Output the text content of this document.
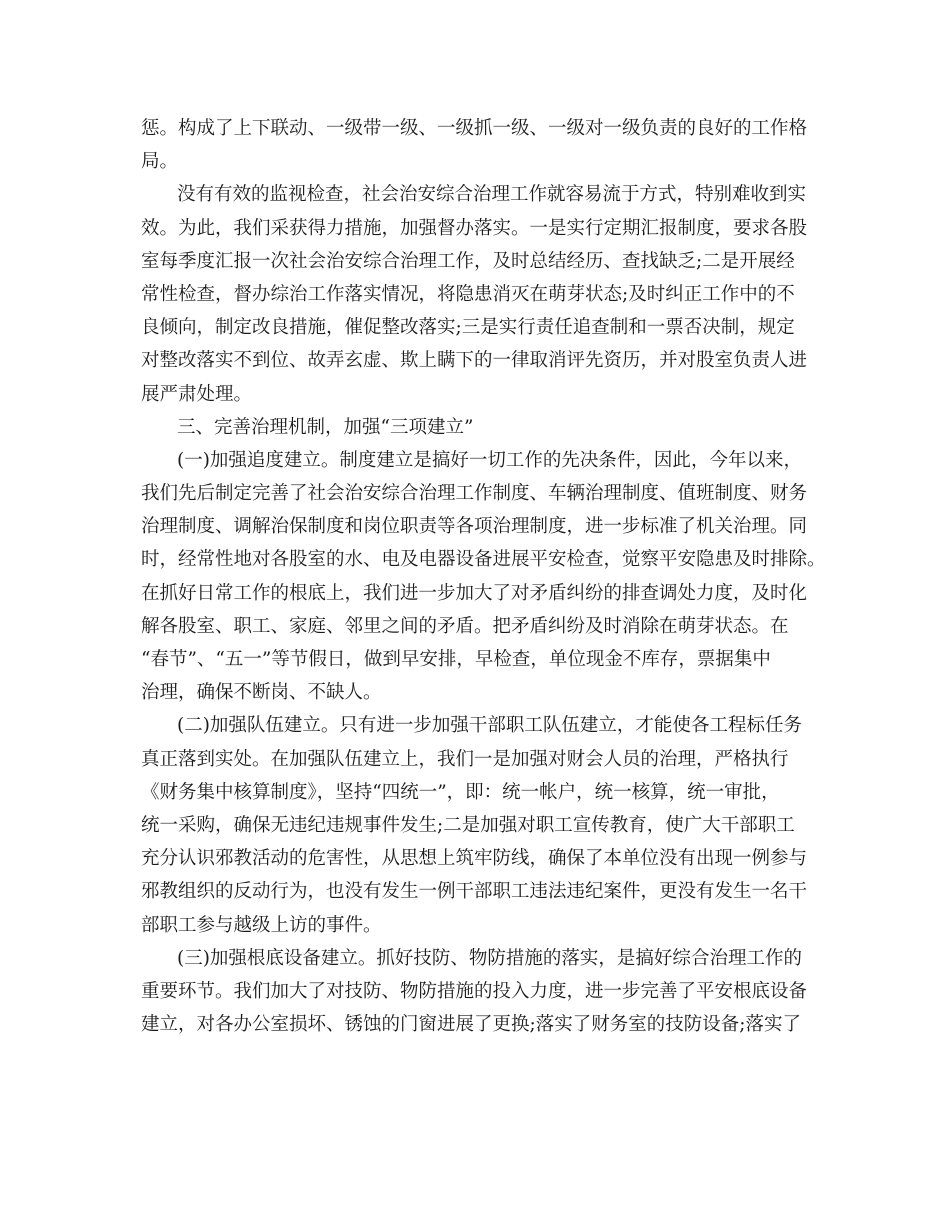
惩。构成了上下联动、一级带一级、一级抓一级、一级对一级负责的良好的工作格
局。
没有有效的监视检查，社会治安综合治理工作就容易流于方式，特别难收到实
效。为此，我们采获得力措施，加强督办落实。一是实行定期汇报制度，要求各股
室每季度汇报一次社会治安综合治理工作，及时总结经历、查找缺乏;二是开展经
常性检查，督办综治工作落实情况，将隐患消灭在萌芽状态;及时纠正工作中的不
良倾向，制定改良措施，催促整改落实;三是实行责任追查制和一票否决制，规定
对整改落实不到位、故弄玄虚、欺上瞒下的一律取消评先资历，并对股室负责人进
展严肃处理。
三、完善治理机制，加强“三项建立”
(一)加强追度建立。制度建立是搞好一切工作的先决条件，因此，今年以来，
我们先后制定完善了社会治安综合治理工作制度、车辆治理制度、值班制度、财务
治理制度、调解治保制度和岗位职责等各项治理制度，进一步标准了机关治理。同
时，经常性地对各股室的水、电及电器设备进展平安检查，觉察平安隐患及时排除。
在抓好日常工作的根底上，我们进一步加大了对矛盾纠纷的排查调处力度，及时化
解各股室、职工、家庭、邻里之间的矛盾。把矛盾纠纷及时消除在萌芽状态。在
“春节”、“五一”等节假日，做到早安排，早检查，单位现金不库存，票据集中
治理，确保不断岗、不缺人。
(二)加强队伍建立。只有进一步加强干部职工队伍建立，才能使各工程标任务
真正落到实处。在加强队伍建立上，我们一是加强对财会人员的治理，严格执行
《财务集中核算制度》，坚持“四统一”，即：统一帐户，统一核算，统一审批，
统一采购，确保无违纪违规事件发生;二是加强对职工宣传教育，使广大干部职工
充分认识邪教活动的危害性，从思想上筑牢防线，确保了本单位没有出现一例参与
邪教组织的反动行为，也没有发生一例干部职工违法违纪案件，更没有发生一名干
部职工参与越级上访的事件。
(三)加强根底设备建立。抓好技防、物防措施的落实，是搞好综合治理工作的
重要环节。我们加大了对技防、物防措施的投入力度，进一步完善了平安根底设备
建立，对各办公室损坏、锈蚀的门窗进展了更换;落实了财务室的技防设备;落实了
